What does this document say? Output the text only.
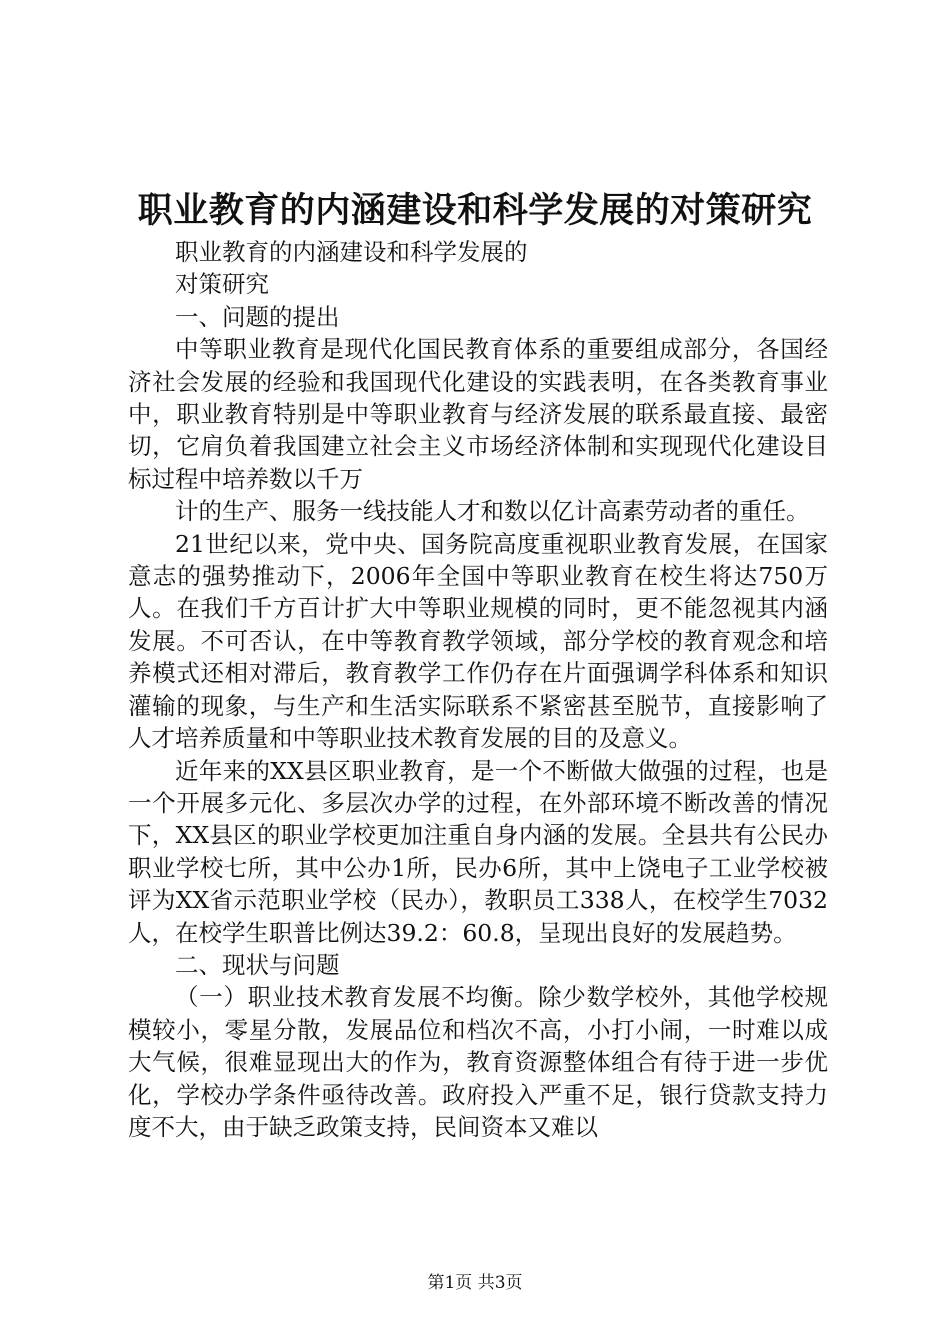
职业教育的内涵建设和科学发展的对策研究

职业教育的内涵建设和科学发展的

对策研究

一、问题的提出

中等职业教育是现代化国民教育体系的重要组成部分，各国经济社会发展的经验和我国现代化建设的实践表明，在各类教育事业中，职业教育特别是中等职业教育与经济发展的联系最直接、最密切，它肩负着我国建立社会主义市场经济体制和实现现代化建设目标过程中培养数以千万

计的生产、服务一线技能人才和数以亿计高素劳动者的重任。

21世纪以来，党中央、国务院高度重视职业教育发展，在国家意志的强势推动下，2006年全国中等职业教育在校生将达750万人。在我们千方百计扩大中等职业规模的同时，更不能忽视其内涵发展。不可否认，在中等教育教学领域，部分学校的教育观念和培养模式还相对滞后，教育教学工作仍存在片面强调学科体系和知识灌输的现象，与生产和生活实际联系不紧密甚至脱节，直接影响了人才培养质量和中等职业技术教育发展的目的及意义。

近年来的XX县区职业教育，是一个不断做大做强的过程，也是一个开展多元化、多层次办学的过程，在外部环境不断改善的情况下，XX县区的职业学校更加注重自身内涵的发展。全县共有公民办职业学校七所，其中公办1所，民办6所，其中上饶电子工业学校被评为XX省示范职业学校（民办），教职员工338人，在校学生7032人，在校学生职普比例达39.2：60.8，呈现出良好的发展趋势。

二、现状与问题

（一）职业技术教育发展不均衡。除少数学校外，其他学校规模较小，零星分散，发展品位和档次不高，小打小闹，一时难以成大气候，很难显现出大的作为，教育资源整体组合有待于进一步优化，学校办学条件亟待改善。政府投入严重不足，银行贷款支持力度不大，由于缺乏政策支持，民间资本又难以

第1页 共3页
